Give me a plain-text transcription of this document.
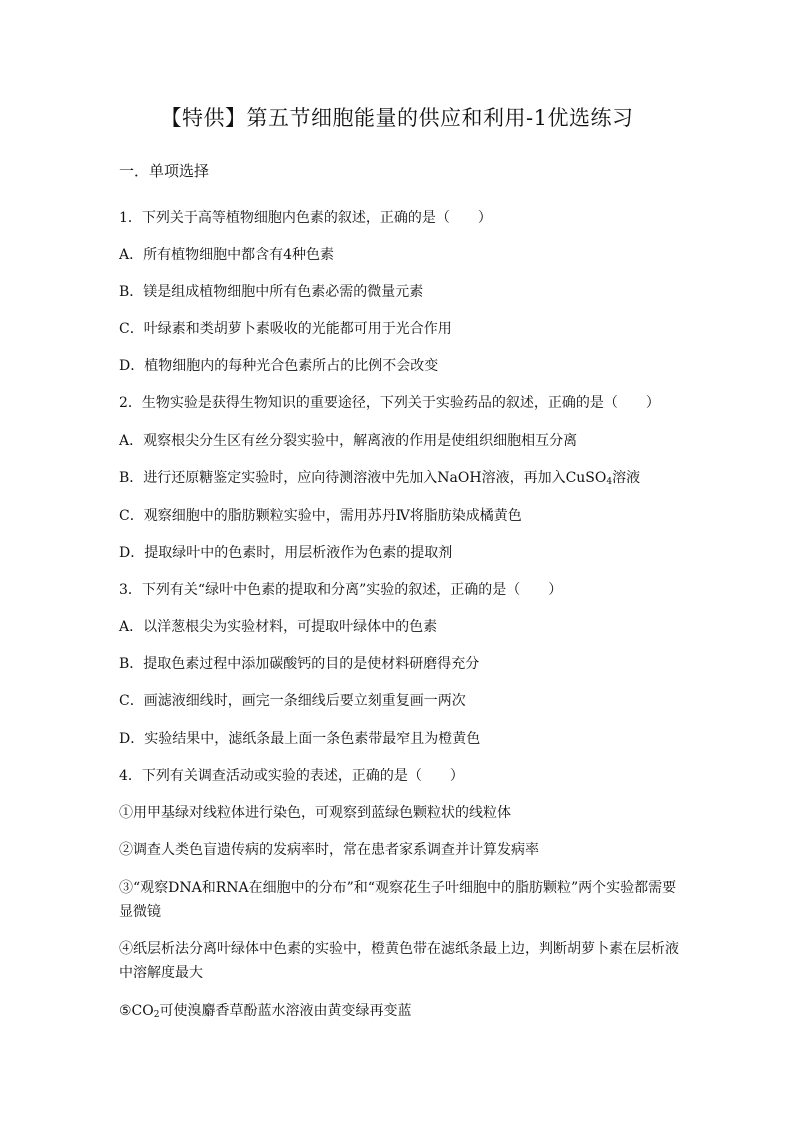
【特供】第五节细胞能量的供应和利用-1优选练习
一．单项选择
1．下列关于高等植物细胞内色素的叙述，正确的是（　　）
A．所有植物细胞中都含有4种色素
B．镁是组成植物细胞中所有色素必需的微量元素
C．叶绿素和类胡萝卜素吸收的光能都可用于光合作用
D．植物细胞内的每种光合色素所占的比例不会改变
2．生物实验是获得生物知识的重要途径，下列关于实验药品的叙述，正确的是（　　）
A．观察根尖分生区有丝分裂实验中，解离液的作用是使组织细胞相互分离
B．进行还原糖鉴定实验时，应向待测溶液中先加入NaOH溶液，再加入CuSO$_4$溶液
C．观察细胞中的脂肪颗粒实验中，需用苏丹Ⅳ将脂肪染成橘黄色
D．提取绿叶中的色素时，用层析液作为色素的提取剂
3．下列有关“绿叶中色素的提取和分离”实验的叙述，正确的是（　　）
A．以洋葱根尖为实验材料，可提取叶绿体中的色素
B．提取色素过程中添加碳酸钙的目的是使材料研磨得充分
C．画滤液细线时，画完一条细线后要立刻重复画一两次
D．实验结果中，滤纸条最上面一条色素带最窄且为橙黄色
4．下列有关调查活动或实验的表述，正确的是（　　）
①用甲基绿对线粒体进行染色，可观察到蓝绿色颗粒状的线粒体
②调查人类色盲遗传病的发病率时，常在患者家系调查并计算发病率
③“观察DNA和RNA在细胞中的分布”和“观察花生子叶细胞中的脂肪颗粒”两个实验都需要显微镜
④纸层析法分离叶绿体中色素的实验中，橙黄色带在滤纸条最上边，判断胡萝卜素在层析液中溶解度最大
$⑤CO_2$可使溴麝香草酚蓝水溶液由黄变绿再变蓝
